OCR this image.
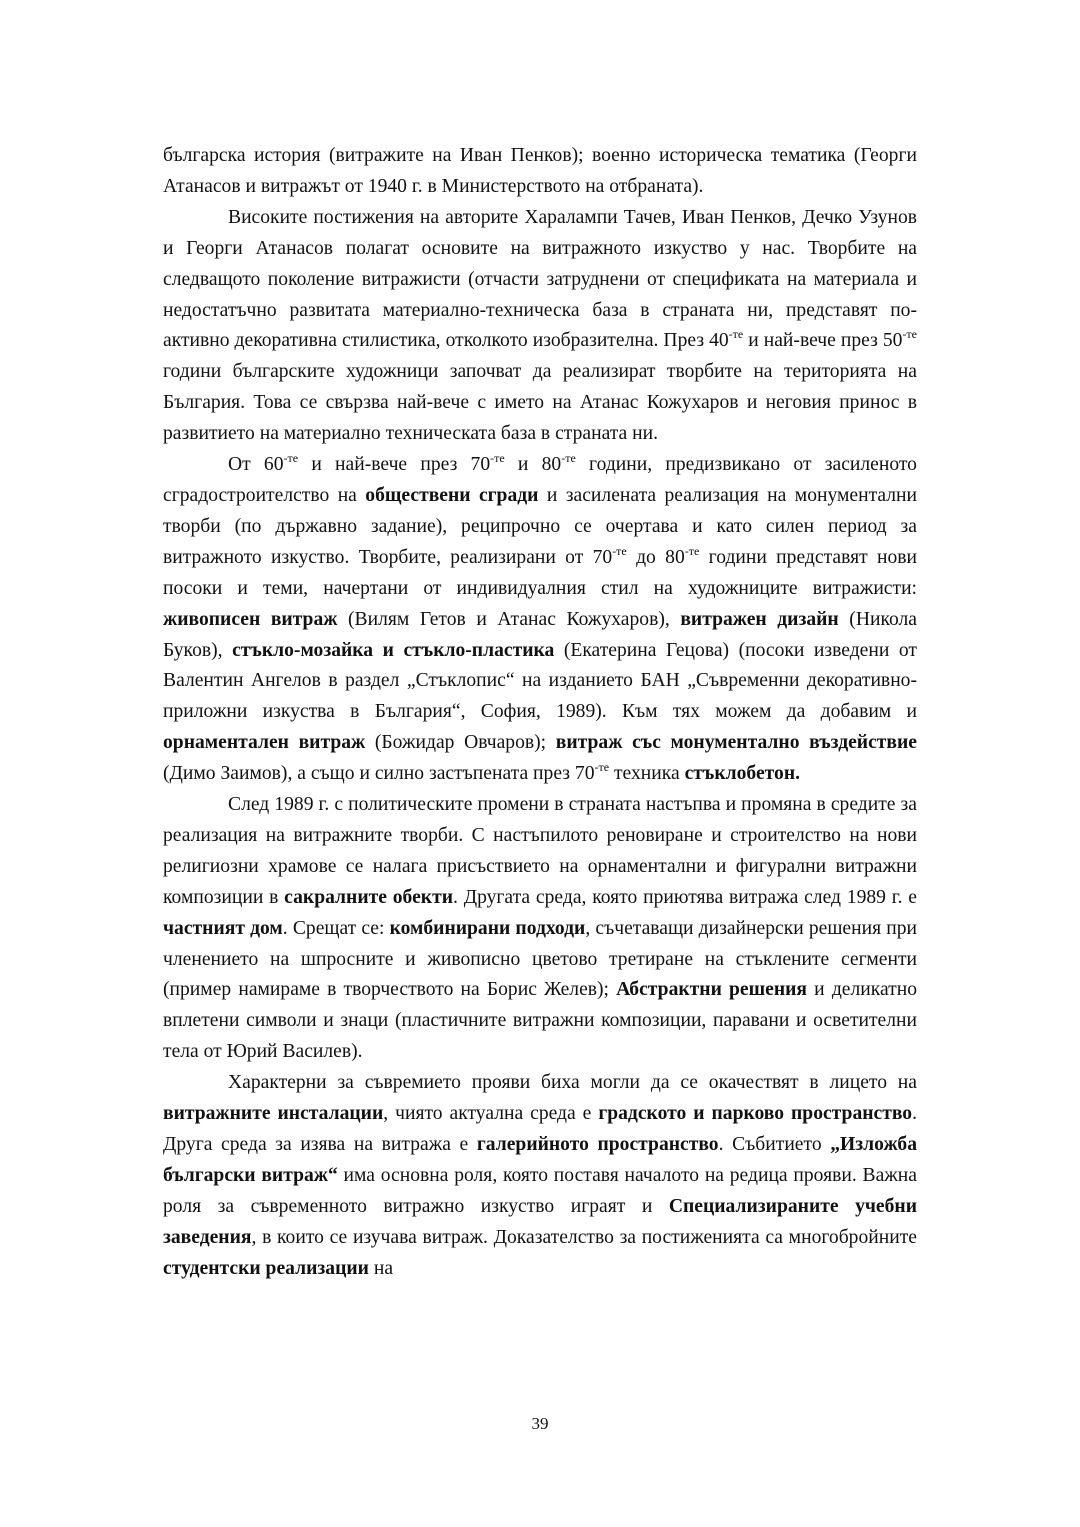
българска история (витражите на Иван Пенков); военно историческа тематика (Георги Атанасов и витражът от 1940 г. в Министерството на отбраната).

Високите постижения на авторите Харалампи Тачев, Иван Пенков, Дечко Узунов и Георги Атанасов полагат основите на витражното изкуство у нас. Творбите на следващото поколение витражисти (отчасти затруднени от спецификата на материала и недостатъчно развитата материално-техническа база в страната ни, представят по-активно декоративна стилистика, отколкото изобразителна. През $40^{-те}$ и най-вече през $50^{-те}$ години българските художници започват да реализират творбите на територията на България. Това се свързва най-вече с името на Атанас Кожухаров и неговия принос в развитието на материално техническата база в страната ни.

От $60^{-те}$ и най-вече през $70^{-те}$ и $80^{-те}$ години, предизвикано от засиленото сградостроителство на обществени сгради и засилената реализация на монументални творби (по държавно задание), реципрочно се очертава и като силен период за витражното изкуство. Творбите, реализирани от $70^{-те}$ до $80^{-те}$ години представят нови посоки и теми, начертани от индивидуалния стил на художниците витражисти: живописен витраж (Вилям Гетов и Атанас Кожухаров), витражен дизайн (Никола Буков), стъкло-мозайка и стъкло-пластика (Екатерина Гецова) (посоки изведени от Валентин Ангелов в раздел „Стъклопис“ на изданието БАН „Съвременни декоративно-приложни изкуства в България“, София, 1989). Към тях можем да добавим и орнаментален витраж (Божидар Овчаров); витраж със монументално въздействие (Димо Заимов), а също и силно застъпената през $70^{-те}$ техника стъклобетон.

След 1989 г. с политическите промени в страната настъпва и промяна в средите за реализация на витражните творби. С настъпилото реновиране и строителство на нови религиозни храмове се налага присъствието на орнаментални и фигурални витражни композиции в сакралните обекти. Другата среда, която приютява витража след 1989 г. е частният дом. Срещат се: комбинирани подходи, съчетаващи дизайнерски решения при членението на шпросните и живописно цветово третиране на стъклените сегменти (пример намираме в творчеството на Борис Желев); Абстрактни решения и деликатно вплетени символи и знаци (пластичните витражни композиции, паравани и осветителни тела от Юрий Василев).

Характерни за съвремието прояви биха могли да се окачествят в лицето на витражните инсталации, чиято актуална среда е градското и парково пространство. Друга среда за изява на витража е галерийното пространство. Събитието „Изложба български витраж“ има основна роля, която поставя началото на редица прояви. Важна роля за съвременното витражно изкуство играят и Специализираните учебни заведения, в които се изучава витраж. Доказателство за постиженията са многобройните студентски реализации на

39
